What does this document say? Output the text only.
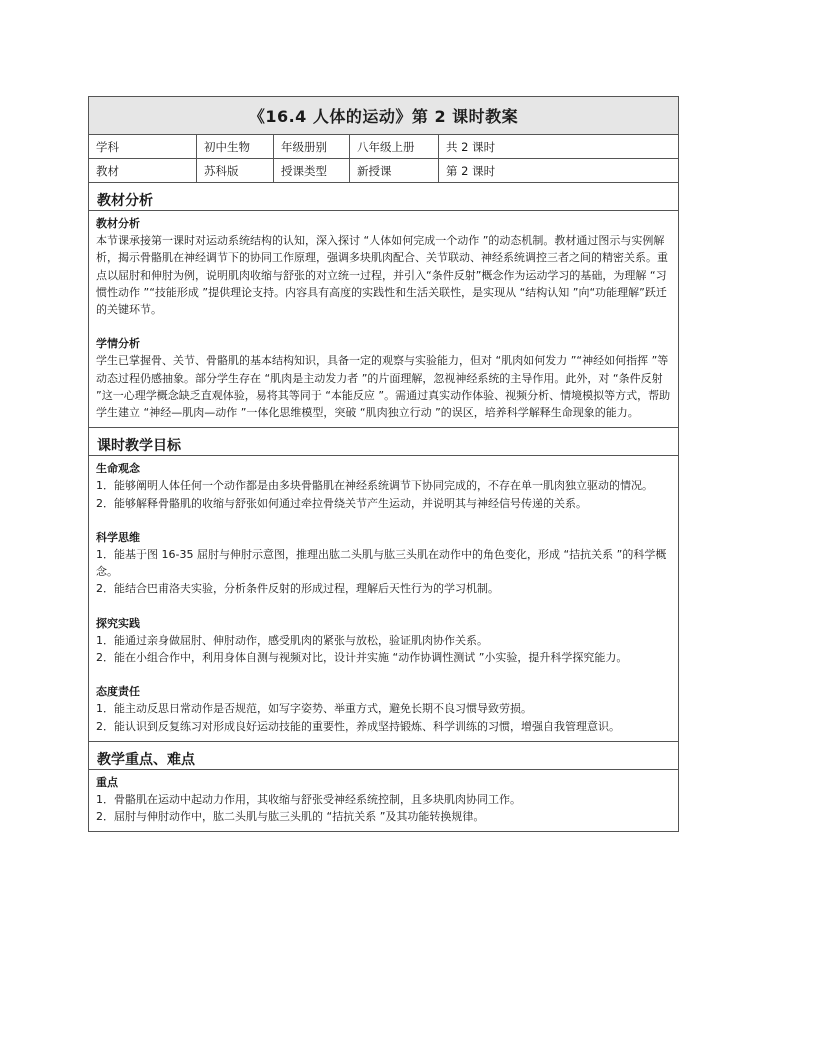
《16.4 人体的运动》第 2 课时教案
学科	初中生物	年级册别	八年级上册	共 2 课时
教材	苏科版	授课类型	新授课	第 2 课时
教材分析

教材分析

本节课承接第一课时对运动系统结构的认知，深入探讨 “人体如何完成一个动作 ”的动态机制。教材通过图示与实例解析，揭示骨骼肌在神经调节下的协同工作原理，强调多块肌肉配合、关节联动、神经系统调控三者之间的精密关系。重点以屈肘和伸肘为例，说明肌肉收缩与舒张的对立统一过程，并引入“条件反射”概念作为运动学习的基础，为理解 “习惯性动作 ”“技能形成 ”提供理论支持。内容具有高度的实践性和生活关联性，是实现从 “结构认知 ”向“功能理解”跃迁的关键环节。

学情分析

学生已掌握骨、关节、骨骼肌的基本结构知识，具备一定的观察与实验能力，但对 “肌肉如何发力 ”“神经如何指挥 ”等动态过程仍感抽象。部分学生存在 “肌肉是主动发力者 ”的片面理解，忽视神经系统的主导作用。此外，对 “条件反射 ”这一心理学概念缺乏直观体验，易将其等同于 “本能反应 ”。需通过真实动作体验、视频分析、情境模拟等方式，帮助学生建立 “神经—肌肉—动作 ”一体化思维模型，突破 “肌肉独立行动 ”的误区，培养科学解释生命现象的能力。

课时教学目标

生命观念

1．能够阐明人体任何一个动作都是由多块骨骼肌在神经系统调节下协同完成的，不存在单一肌肉独立驱动的情况。

2．能够解释骨骼肌的收缩与舒张如何通过牵拉骨绕关节产生运动，并说明其与神经信号传递的关系。

科学思维

1．能基于图 16-35 屈肘与伸肘示意图，推理出肱二头肌与肱三头肌在动作中的角色变化，形成 “拮抗关系 ”的科学概念。

2．能结合巴甫洛夫实验，分析条件反射的形成过程，理解后天性行为的学习机制。

探究实践

1．能通过亲身做屈肘、伸肘动作，感受肌肉的紧张与放松，验证肌肉协作关系。

2．能在小组合作中，利用身体自测与视频对比，设计并实施 “动作协调性测试 ”小实验，提升科学探究能力。

态度责任

1．能主动反思日常动作是否规范，如写字姿势、举重方式，避免长期不良习惯导致劳损。

2．能认识到反复练习对形成良好运动技能的重要性，养成坚持锻炼、科学训练的习惯，增强自我管理意识。

教学重点、难点

重点

1．骨骼肌在运动中起动力作用，其收缩与舒张受神经系统控制，且多块肌肉协同工作。

2．屈肘与伸肘动作中，肱二头肌与肱三头肌的 “拮抗关系 ”及其功能转换规律。
